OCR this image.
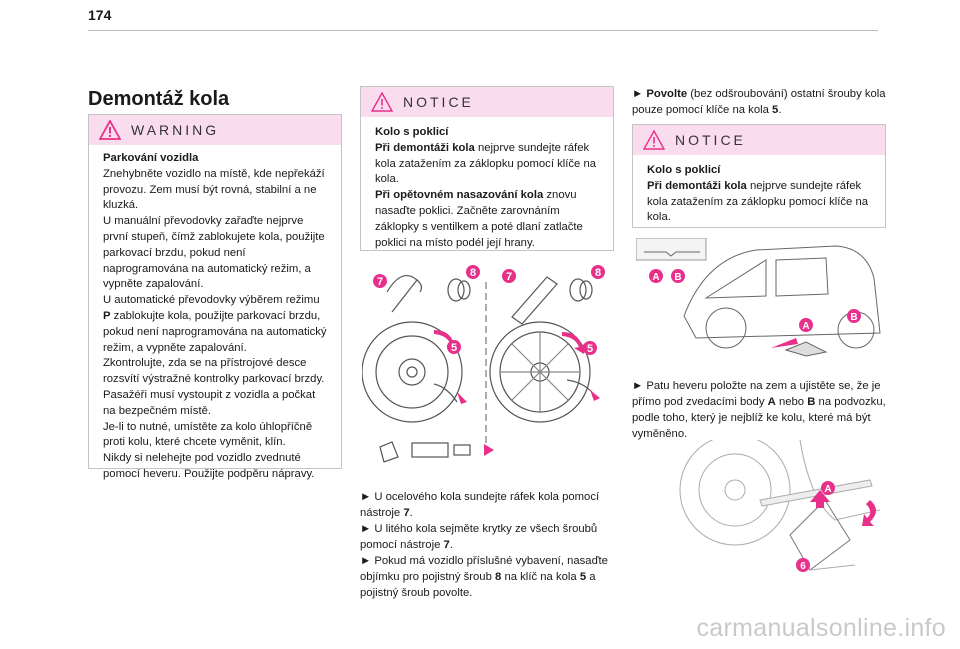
174
Demontáž kola
WARNING

Parkování vozidla

Znehybněte vozidlo na místě, kde nepřekáží provozu. Zem musí být rovná, stabilní a ne kluzká.

U manuální převodovky zařaďte nejprve první stupeň, čímž zablokujete kola, použijte parkovací brzdu, pokud není naprogramována na automatický režim, a vypněte zapalování.

U automatické převodovky výběrem režimu P zablokujte kola, použijte parkovací brzdu, pokud není naprogramována na automatický režim, a vypněte zapalování.

Zkontrolujte, zda se na přístrojové desce rozsvítí výstražné kontrolky parkovací brzdy.

Pasažéři musí vystoupit z vozidla a počkat na bezpečném místě.

Je-li to nutné, umístěte za kolo úhlopříčně proti kolu, které chcete vyměnit, klín.

Nikdy si nelehejte pod vozidlo zvednuté pomocí heveru. Použijte podpěru nápravy.

NOTICE

Kolo s poklicí

Při demontáži kola nejprve sundejte ráfek kola zatažením za záklopku pomocí klíče na kola.

Při opětovném nasazování kola znovu nasaďte poklici. Začněte zarovnáním záklopky s ventilkem a poté dlaní zatlačte poklici na místo podél její hrany.

7
8	7	8
5	5

► U ocelového kola sundejte ráfek kola pomocí nástroje 7.

► U litého kola sejměte krytky ze všech šroubů pomocí nástroje 7.

► Pokud má vozidlo příslušné vybavení, nasaďte objímku pro pojistný šroub 8 na klíč na kola 5 a pojistný šroub povolte.

► Povolte (bez odšroubování) ostatní šrouby kola pouze pomocí klíče na kola 5.

NOTICE

Kolo s poklicí

Při demontáži kola nejprve sundejte ráfek kola zatažením za záklopku pomocí klíče na kola.

A B
A
B

► Patu heveru položte na zem a ujistěte se, že je přímo pod zvedacími body A nebo B na podvozku, podle toho, který je nejblíž ke kolu, které má být vyměněno.

A
6
carmanualsonline.info
